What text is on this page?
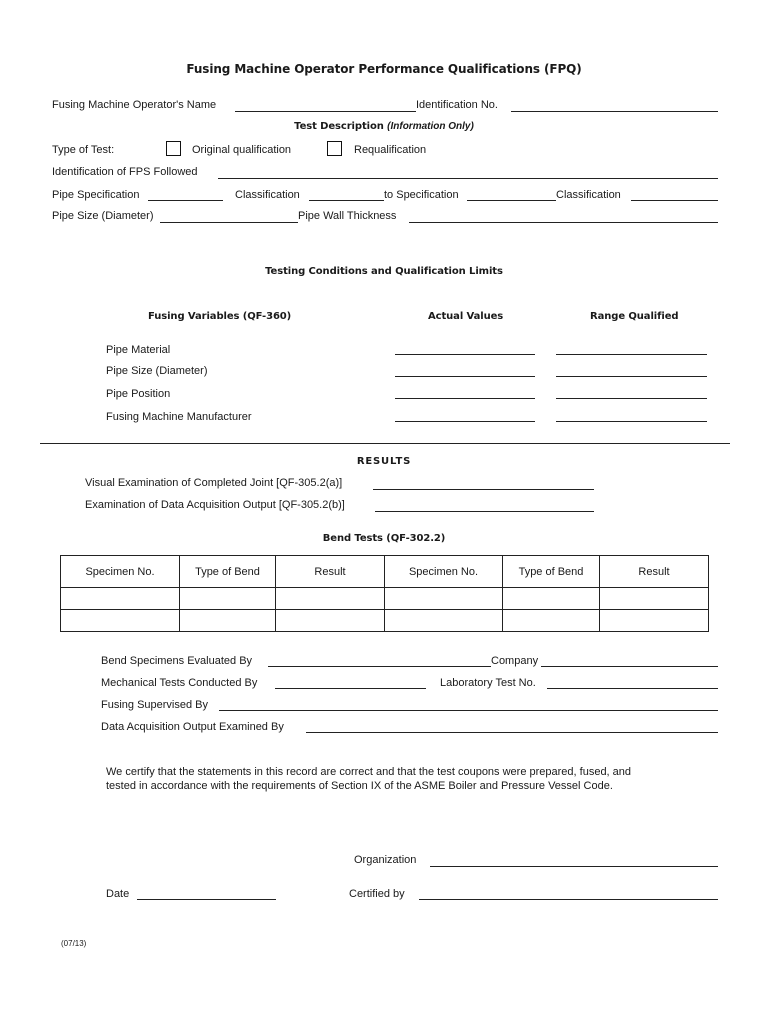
Fusing Machine Operator Performance Qualifications (FPQ)
Fusing Machine Operator's Name	Identification No.
Test Description (Information Only)
Type of Test:	Original qualification	Requalification
Identification of FPS Followed
Pipe Specification	Classification	to Specification	Classification
Pipe Size (Diameter)	Pipe Wall Thickness
Testing Conditions and Qualification Limits
Fusing Variables (QF-360)	Actual Values	Range Qualified
Pipe Material
Pipe Size (Diameter)
Pipe Position
Fusing Machine Manufacturer
RESULTS
Visual Examination of Completed Joint [QF-305.2(a)]
Examination of Data Acquisition Output [QF-305.2(b)]
Bend Tests (QF-302.2)
Specimen No.	Type of Bend	Result	Specimen No.	Type of Bend	Result

Bend Specimens Evaluated By	Company
Mechanical Tests Conducted By	Laboratory Test No.
Fusing Supervised By
Data Acquisition Output Examined By
We certify that the statements in this record are correct and that the test coupons were prepared, fused, and
tested in accordance with the requirements of Section IX of the ASME Boiler and Pressure Vessel Code.
Organization
Date	Certified by
(07/13)
